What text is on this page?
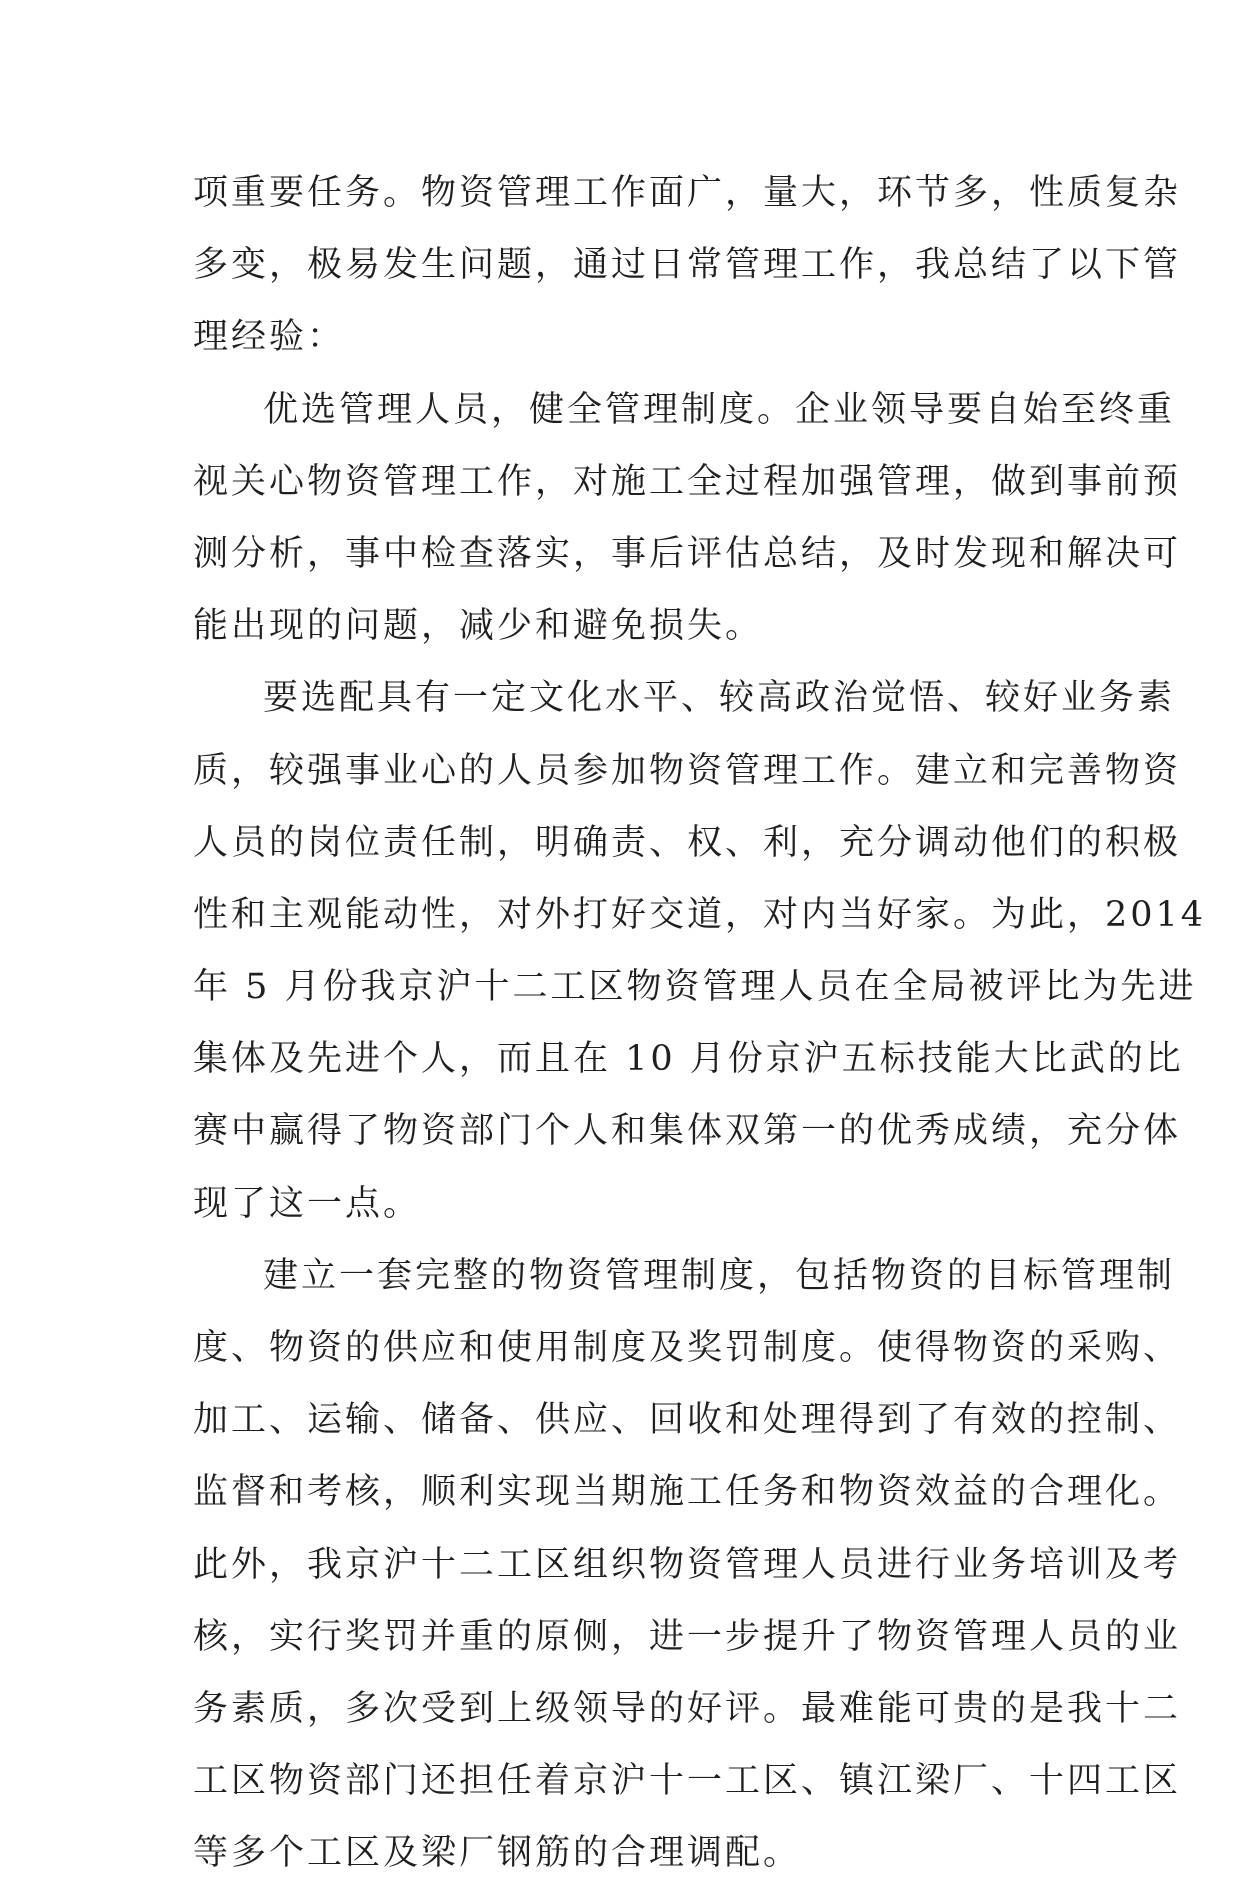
项重要任务。物资管理工作面广，量大，环节多，性质复杂
多变，极易发生问题，通过日常管理工作，我总结了以下管
理经验：
优选管理人员，健全管理制度。企业领导要自始至终重
视关心物资管理工作，对施工全过程加强管理，做到事前预
测分析，事中检查落实，事后评估总结，及时发现和解决可
能出现的问题，减少和避免损失。
要选配具有一定文化水平、较高政治觉悟、较好业务素
质，较强事业心的人员参加物资管理工作。建立和完善物资
人员的岗位责任制，明确责、权、利，充分调动他们的积极
性和主观能动性，对外打好交道，对内当好家。为此，2014
年 5 月份我京沪十二工区物资管理人员在全局被评比为先进
集体及先进个人，而且在 10 月份京沪五标技能大比武的比
赛中赢得了物资部门个人和集体双第一的优秀成绩，充分体
现了这一点。
建立一套完整的物资管理制度，包括物资的目标管理制
度、物资的供应和使用制度及奖罚制度。使得物资的采购、
加工、运输、储备、供应、回收和处理得到了有效的控制、
监督和考核，顺利实现当期施工任务和物资效益的合理化。
此外，我京沪十二工区组织物资管理人员进行业务培训及考
核，实行奖罚并重的原侧，进一步提升了物资管理人员的业
务素质，多次受到上级领导的好评。最难能可贵的是我十二
工区物资部门还担任着京沪十一工区、镇江梁厂、十四工区
等多个工区及梁厂钢筋的合理调配。
